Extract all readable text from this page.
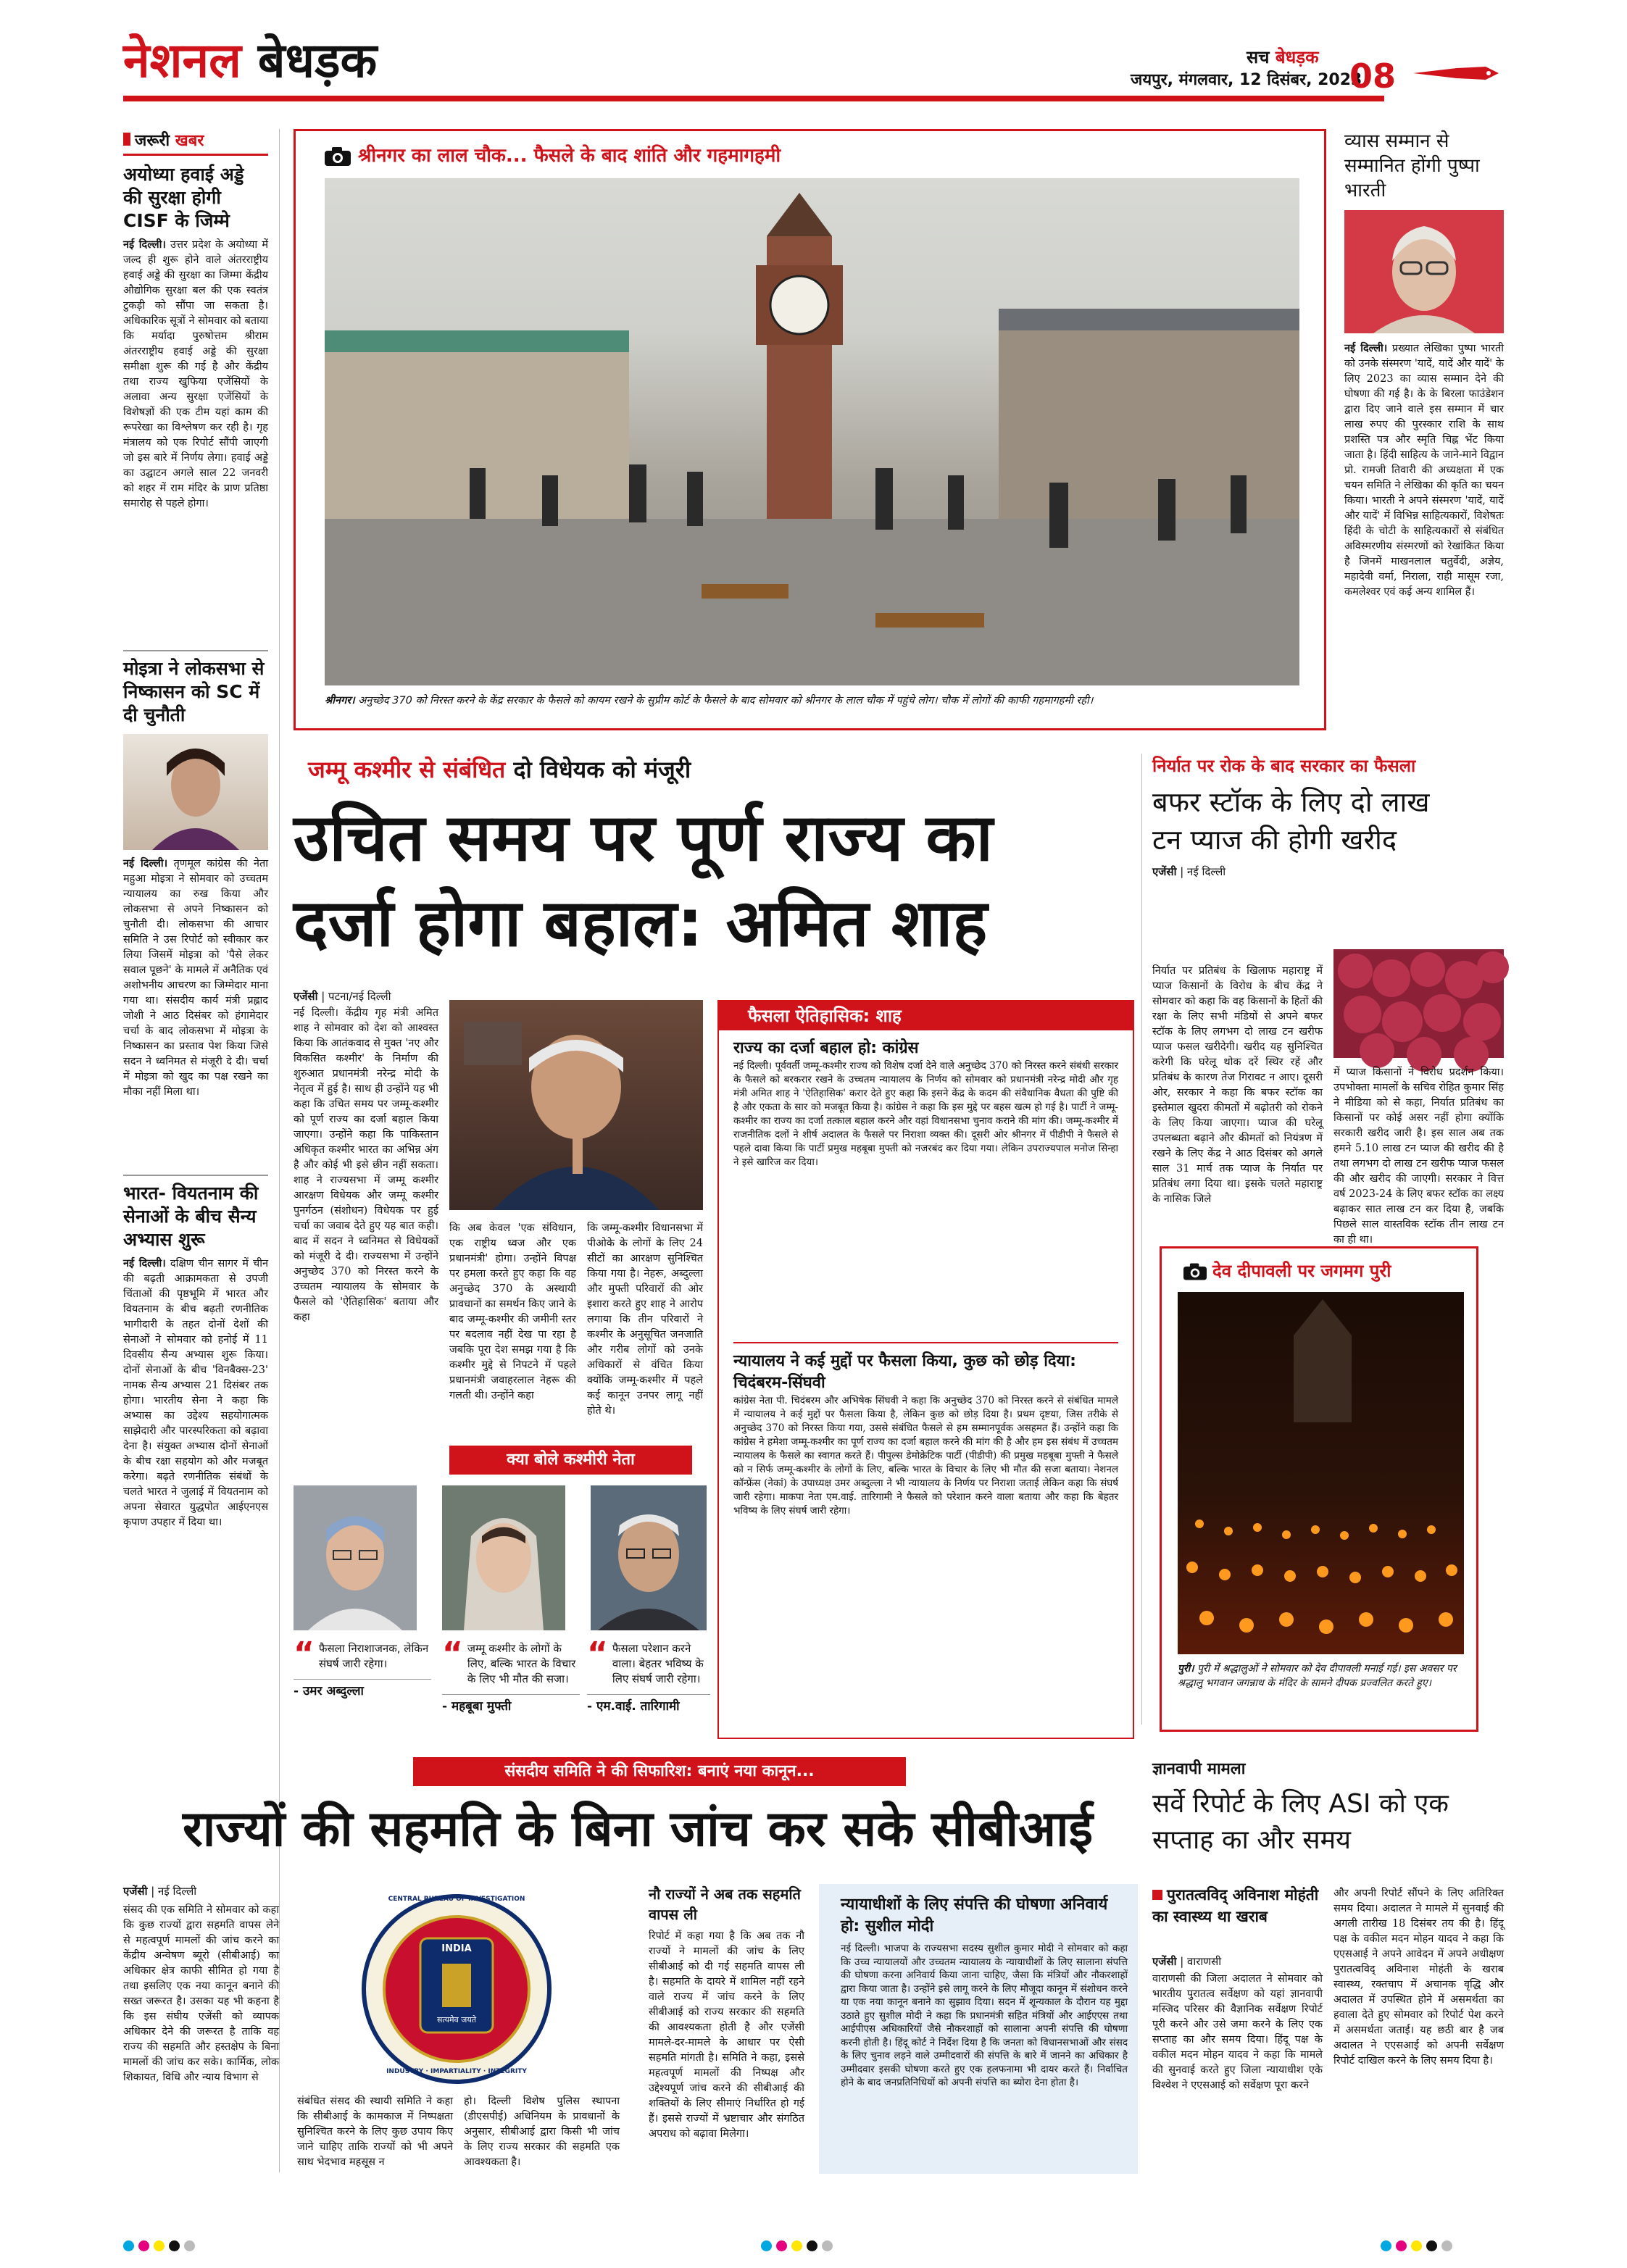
नेशनल बेधड़क	सच बेधड़क
जयपुर, मंगलवार, 12 दिसंबर, 2023
08
जरूरी खबर
अयोध्या हवाई अड्डे की सुरक्षा होगी CISF के जिम्मे
नई दिल्ली। उत्तर प्रदेश के अयोध्या में जल्द ही शुरू होने वाले अंतरराष्ट्रीय हवाई अड्डे की सुरक्षा का जिम्मा केंद्रीय औद्योगिक सुरक्षा बल की एक स्वतंत्र टुकड़ी को सौंपा जा सकता है। अधिकारिक सूत्रों ने सोमवार को बताया कि मर्यादा पुरुषोत्तम श्रीराम अंतरराष्ट्रीय हवाई अड्डे की सुरक्षा समीक्षा शुरू की गई है और केंद्रीय तथा राज्य खुफिया एजेंसियों के अलावा अन्य सुरक्षा एजेंसियों के विशेषज्ञों की एक टीम यहां काम की रूपरेखा का विश्लेषण कर रही है। गृह मंत्रालय को एक रिपोर्ट सौंपी जाएगी जो इस बारे में निर्णय लेगा। हवाई अड्डे का उद्घाटन अगले साल 22 जनवरी को शहर में राम मंदिर के प्राण प्रतिष्ठा समारोह से पहले होगा।
मोइत्रा ने लोकसभा से निष्कासन को SC में दी चुनौती
नई दिल्ली। तृणमूल कांग्रेस की नेता महुआ मोइत्रा ने सोमवार को उच्चतम न्यायालय का रुख किया और लोकसभा से अपने निष्कासन को चुनौती दी। लोकसभा की आचार समिति ने उस रिपोर्ट को स्वीकार कर लिया जिसमें मोइत्रा को 'पैसे लेकर सवाल पूछने' के मामले में अनैतिक एवं अशोभनीय आचरण का जिम्मेदार माना गया था। संसदीय कार्य मंत्री प्रह्लाद जोशी ने आठ दिसंबर को हंगामेदार चर्चा के बाद लोकसभा में मोइत्रा के निष्कासन का प्रस्ताव पेश किया जिसे सदन ने ध्वनिमत से मंजूरी दे दी। चर्चा में मोइत्रा को खुद का पक्ष रखने का मौका नहीं मिला था।
भारत- वियतनाम की सेनाओं के बीच सैन्य अभ्यास शुरू
नई दिल्ली। दक्षिण चीन सागर में चीन की बढ़ती आक्रामकता से उपजी चिंताओं की पृष्ठभूमि में भारत और वियतनाम के बीच बढ़ती रणनीतिक भागीदारी के तहत दोनों देशों की सेनाओं ने सोमवार को हनोई में 11 दिवसीय सैन्य अभ्यास शुरू किया। दोनों सेनाओं के बीच 'विनबैक्स-23' नामक सैन्य अभ्यास 21 दिसंबर तक होगा। भारतीय सेना ने कहा कि अभ्यास का उद्देश्य सहयोगात्मक साझेदारी और पारस्परिकता को बढ़ावा देना है। संयुक्त अभ्यास दोनों सेनाओं के बीच रक्षा सहयोग को और मजबूत करेगा। बढ़ते रणनीतिक संबंधों के चलते भारत ने जुलाई में वियतनाम को अपना सेवारत युद्धपोत आईएनएस कृपाण उपहार में दिया था।
श्रीनगर का लाल चौक... फैसले के बाद शांति और गहमागहमी
श्रीनगर। अनुच्छेद 370 को निरस्त करने के केंद्र सरकार के फैसले को कायम रखने के सुप्रीम कोर्ट के फैसले के बाद सोमवार को श्रीनगर के लाल चौक में पहुंचे लोग। चौक में लोगों की काफी गहमागहमी रही।
व्यास सम्मान से सम्मानित होंगी पुष्पा भारती
नई दिल्ली। प्रख्यात लेखिका पुष्पा भारती को उनके संस्मरण 'यादें, यादें और यादें' के लिए 2023 का व्यास सम्मान देने की घोषणा की गई है। के के बिरला फाउंडेशन द्वारा दिए जाने वाले इस सम्मान में चार लाख रुपए की पुरस्कार राशि के साथ प्रशस्ति पत्र और स्मृति चिह्न भेंट किया जाता है। हिंदी साहित्य के जाने-माने विद्वान प्रो. रामजी तिवारी की अध्यक्षता में एक चयन समिति ने लेखिका की कृति का चयन किया। भारती ने अपने संस्मरण 'यादें, यादें और यादें' में विभिन्न साहित्यकारों, विशेषतः हिंदी के चोटी के साहित्यकारों से संबंधित अविस्मरणीय संस्मरणों को रेखांकित किया है जिनमें माखनलाल चतुर्वेदी, अज्ञेय, महादेवी वर्मा, निराला, राही मासूम रजा, कमलेश्वर एवं कई अन्य शामिल हैं।
जम्मू कश्मीर से संबंधित दो विधेयक को मंजूरी
उचित समय पर पूर्ण राज्य का
दर्जा होगा बहाल: अमित शाह
एजेंसी | पटना/नई दिल्ली
नई दिल्ली। केंद्रीय गृह मंत्री अमित शाह ने सोमवार को देश को आश्वस्त किया कि आतंकवाद से मुक्त 'नए और विकसित कश्मीर' के निर्माण की शुरुआत प्रधानमंत्री नरेन्द्र मोदी के नेतृत्व में हुई है। साथ ही उन्होंने यह भी कहा कि उचित समय पर जम्मू-कश्मीर को पूर्ण राज्य का दर्जा बहाल किया जाएगा। उन्होंने कहा कि पाकिस्तान अधिकृत कश्मीर भारत का अभिन्न अंग है और कोई भी इसे छीन नहीं सकता। शाह ने राज्यसभा में जम्मू कश्मीर आरक्षण विधेयक और जम्मू कश्मीर पुनर्गठन (संशोधन) विधेयक पर हुई चर्चा का जवाब देते हुए यह बात कही। बाद में सदन ने ध्वनिमत से विधेयकों को मंजूरी दे दी। राज्यसभा में उन्होंने अनुच्छेद 370 को निरस्त करने के उच्चतम न्यायालय के सोमवार के फैसले को 'ऐतिहासिक' बताया और कहा
कि अब केवल 'एक संविधान, एक राष्ट्रीय ध्वज और एक प्रधानमंत्री' होगा। उन्होंने विपक्ष पर हमला करते हुए कहा कि वह अनुच्छेद 370 के अस्थायी प्रावधानों का समर्थन किए जाने के बाद जम्मू-कश्मीर की जमीनी स्तर पर बदलाव नहीं देख पा रहा है जबकि पूरा देश समझ गया है कि कश्मीर मुद्दे से निपटने में पहले प्रधानमंत्री जवाहरलाल नेहरू की गलती थी। उन्होंने कहा
कि जम्मू-कश्मीर विधानसभा में पीओके के लोगों के लिए 24 सीटों का आरक्षण सुनिश्चित किया गया है। नेहरू, अब्दुल्ला और मुफ्ती परिवारों की ओर इशारा करते हुए शाह ने आरोप लगाया कि तीन परिवारों ने कश्मीर के अनुसूचित जनजाति और गरीब लोगों को उनके अधिकारों से वंचित किया क्योंकि जम्मू-कश्मीर में पहले कई कानून उनपर लागू नहीं होते थे।
फैसला ऐतिहासिक: शाह
राज्य का दर्जा बहाल हो: कांग्रेस
नई दिल्ली। पूर्ववर्ती जम्मू-कश्मीर राज्य को विशेष दर्जा देने वाले अनुच्छेद 370 को निरस्त करने संबंधी सरकार के फैसले को बरकरार रखने के उच्चतम न्यायालय के निर्णय को सोमवार को प्रधानमंत्री नरेन्द्र मोदी और गृह मंत्री अमित शाह ने 'ऐतिहासिक' करार देते हुए कहा कि इसने केंद्र के कदम की संवैधानिक वैधता की पुष्टि की है और एकता के सार को मजबूत किया है। कांग्रेस ने कहा कि इस मुद्दे पर बहस खत्म हो गई है। पार्टी ने जम्मू-कश्मीर का राज्य का दर्जा तत्काल बहाल करने और वहां विधानसभा चुनाव कराने की मांग की। जम्मू-कश्मीर में राजनीतिक दलों ने शीर्ष अदालत के फैसले पर निराशा व्यक्त की। दूसरी ओर श्रीनगर में पीडीपी ने फैसले से पहले दावा किया कि पार्टी प्रमुख महबूबा मुफ्ती को नजरबंद कर दिया गया। लेकिन उपराज्यपाल मनोज सिन्हा ने इसे खारिज कर दिया।
न्यायालय ने कई मुद्दों पर फैसला किया, कुछ को छोड़ दिया: चिदंबरम-सिंघवी
कांग्रेस नेता पी. चिदंबरम और अभिषेक सिंघवी ने कहा कि अनुच्छेद 370 को निरस्त करने से संबंधित मामले में न्यायालय ने कई मुद्दों पर फैसला किया है, लेकिन कुछ को छोड़ दिया है। प्रथम दृष्टया, जिस तरीके से अनुच्छेद 370 को निरस्त किया गया, उससे संबंधित फैसले से हम सम्मानपूर्वक असहमत हैं। उन्होंने कहा कि कांग्रेस ने हमेशा जम्मू-कश्मीर का पूर्ण राज्य का दर्जा बहाल करने की मांग की है और हम इस संबंध में उच्चतम न्यायालय के फैसले का स्वागत करते हैं। पीपुल्स डेमोक्रेटिक पार्टी (पीडीपी) की प्रमुख महबूबा मुफ्ती ने फैसले को न सिर्फ जम्मू-कश्मीर के लोगों के लिए, बल्कि भारत के विचार के लिए भी मौत की सजा बताया। नेशनल कॉन्फ्रेंस (नेकां) के उपाध्यक्ष उमर अब्दुल्ला ने भी न्यायालय के निर्णय पर निराशा जताई लेकिन कहा कि संघर्ष जारी रहेगा। माकपा नेता एम.वाई. तारिगामी ने फैसले को परेशान करने वाला बताया और कहा कि बेहतर भविष्य के लिए संघर्ष जारी रहेगा।
क्या बोले कश्मीरी नेता
“ फैसला निराशाजनक, लेकिन संघर्ष जारी रहेगा।
- उमर अब्दुल्ला
“ जम्मू कश्मीर के लोगों के लिए, बल्कि भारत के विचार के लिए भी मौत की सजा।
- महबूबा मुफ्ती
“ फैसला परेशान करने वाला। बेहतर भविष्य के लिए संघर्ष जारी रहेगा।
- एम.वाई. तारिगामी
निर्यात पर रोक के बाद सरकार का फैसला
बफर स्टॉक के लिए दो लाख टन प्याज की होगी खरीद
एजेंसी | नई दिल्ली
निर्यात पर प्रतिबंध के खिलाफ महाराष्ट्र में प्याज किसानों के विरोध के बीच केंद्र ने सोमवार को कहा कि वह किसानों के हितों की रक्षा के लिए सभी मंडियों से अपने बफर स्टॉक के लिए लगभग दो लाख टन खरीफ प्याज फसल खरीदेगी। खरीद यह सुनिश्चित करेगी कि घरेलू थोक दरें स्थिर रहें और प्रतिबंध के कारण तेज गिरावट न आए। दूसरी ओर, सरकार ने कहा कि बफर स्टॉक का इस्तेमाल खुदरा कीमतों में बढ़ोतरी को रोकने के लिए किया जाएगा। प्याज की घरेलू उपलब्धता बढ़ाने और कीमतों को नियंत्रण में रखने के लिए केंद्र ने आठ दिसंबर को अगले साल 31 मार्च तक प्याज के निर्यात पर प्रतिबंध लगा दिया था। इसके चलते महाराष्ट्र के नासिक जिले
में प्याज किसानों ने विरोध प्रदर्शन किया। उपभोक्ता मामलों के सचिव रोहित कुमार सिंह ने मीडिया को से कहा, निर्यात प्रतिबंध का किसानों पर कोई असर नहीं होगा क्योंकि सरकारी खरीद जारी है। इस साल अब तक हमने 5.10 लाख टन प्याज की खरीद की है तथा लगभग दो लाख टन खरीफ प्याज फसल की और खरीद की जाएगी। सरकार ने वित्त वर्ष 2023-24 के लिए बफर स्टॉक का लक्ष्य बढ़ाकर सात लाख टन कर दिया है, जबकि पिछले साल वास्तविक स्टॉक तीन लाख टन का ही था।
देव दीपावली पर जगमग पुरी
पुरी। पुरी में श्रद्धालुओं ने सोमवार को देव दीपावली मनाई गई। इस अवसर पर श्रद्धालु भगवान जगन्नाथ के मंदिर के सामने दीपक प्रज्वलित करते हुए।
संसदीय समिति ने की सिफारिश: बनाएं नया कानून...
राज्यों की सहमति के बिना जांच कर सके सीबीआई
एजेंसी | नई दिल्ली
संसद की एक समिति ने सोमवार को कहा कि कुछ राज्यों द्वारा सहमति वापस लेने से महत्वपूर्ण मामलों की जांच करने का केंद्रीय अन्वेषण ब्यूरो (सीबीआई) का अधिकार क्षेत्र काफी सीमित हो गया है तथा इसलिए एक नया कानून बनाने की सख्त जरूरत है। उसका यह भी कहना है कि इस संघीय एजेंसी को व्यापक अधिकार देने की जरूरत है ताकि वह राज्य की सहमति और हस्तक्षेप के बिना मामलों की जांच कर सके। कार्मिक, लोक शिकायत, विधि और न्याय विभाग से
CENTRAL BUREAU OF INVESTIGATION
INDIA
सत्यमेव जयते
INDUSTRY · IMPARTIALITY · INTEGRITY
संबंधित संसद की स्थायी समिति ने कहा कि सीबीआई के कामकाज में निष्पक्षता सुनिश्चित करने के लिए कुछ उपाय किए जाने चाहिए ताकि राज्यों को भी अपने साथ भेदभाव महसूस न
हो। दिल्ली विशेष पुलिस स्थापना (डीएसपीई) अधिनियम के प्रावधानों के अनुसार, सीबीआई द्वारा किसी भी जांच के लिए राज्य सरकार की सहमति एक आवश्यकता है।
नौ राज्यों ने अब तक सहमति वापस ली
रिपोर्ट में कहा गया है कि अब तक नौ राज्यों ने मामलों की जांच के लिए सीबीआई को दी गई सहमति वापस ली है। सहमति के दायरे में शामिल नहीं रहने वाले राज्य में जांच करने के लिए सीबीआई को राज्य सरकार की सहमति की आवश्यकता होती है और एजेंसी मामले-दर-मामले के आधार पर ऐसी सहमति मांगती है। समिति ने कहा, इससे महत्वपूर्ण मामलों की निष्पक्ष और उद्देश्यपूर्ण जांच करने की सीबीआई की शक्तियों के लिए सीमाएं निर्धारित हो गई हैं। इससे राज्यों में भ्रष्टाचार और संगठित अपराध को बढ़ावा मिलेगा।
न्यायाधीशों के लिए संपत्ति की घोषणा अनिवार्य हो: सुशील मोदी
नई दिल्ली। भाजपा के राज्यसभा सदस्य सुशील कुमार मोदी ने सोमवार को कहा कि उच्च न्यायालयों और उच्चतम न्यायालय के न्यायाधीशों के लिए सालाना संपत्ति की घोषणा करना अनिवार्य किया जाना चाहिए, जैसा कि मंत्रियों और नौकरशाहों द्वारा किया जाता है। उन्होंने इसे लागू करने के लिए मौजूदा कानून में संशोधन करने या एक नया कानून बनाने का सुझाव दिया। सदन में शून्यकाल के दौरान यह मुद्दा उठाते हुए सुशील मोदी ने कहा कि प्रधानमंत्री सहित मंत्रियों और आईएएस तथा आईपीएस अधिकारियों जैसे नौकरशाहों को सालाना अपनी संपत्ति की घोषणा करनी होती है। हिंदू कोर्ट ने निर्देश दिया है कि जनता को विधानसभाओं और संसद के लिए चुनाव लड़ने वाले उम्मीदवारों की संपत्ति के बारे में जानने का अधिकार है उम्मीदवार इसकी घोषणा करते हुए एक हलफनामा भी दायर करते हैं। निर्वाचित होने के बाद जनप्रतिनिधियों को अपनी संपत्ति का ब्योरा देना होता है।
ज्ञानवापी मामला
सर्वे रिपोर्ट के लिए ASI को एक सप्ताह का और समय
पुरातत्वविद् अविनाश मोहंती का स्वास्थ्य था खराब
एजेंसी | वाराणसी
वाराणसी की जिला अदालत ने सोमवार को भारतीय पुरातत्व सर्वेक्षण को यहां ज्ञानवापी मस्जिद परिसर की वैज्ञानिक सर्वेक्षण रिपोर्ट पूरी करने और उसे जमा करने के लिए एक सप्ताह का और समय दिया। हिंदू पक्ष के वकील मदन मोहन यादव ने कहा कि मामले की सुनवाई करते हुए जिला न्यायाधीश एके विश्वेश ने एएसआई को सर्वेक्षण पूरा करने
और अपनी रिपोर्ट सौंपने के लिए अतिरिक्त समय दिया। अदालत ने मामले में सुनवाई की अगली तारीख 18 दिसंबर तय की है। हिंदू पक्ष के वकील मदन मोहन यादव ने कहा कि एएसआई ने अपने आवेदन में अपने अधीक्षण पुरातत्वविद् अविनाश मोहंती के खराब स्वास्थ्य, रक्तचाप में अचानक वृद्धि और अदालत में उपस्थित होने में असमर्थता का हवाला देते हुए सोमवार को रिपोर्ट पेश करने में असमर्थता जताई। यह छठी बार है जब अदालत ने एएसआई को अपनी सर्वेक्षण रिपोर्ट दाखिल करने के लिए समय दिया है।
